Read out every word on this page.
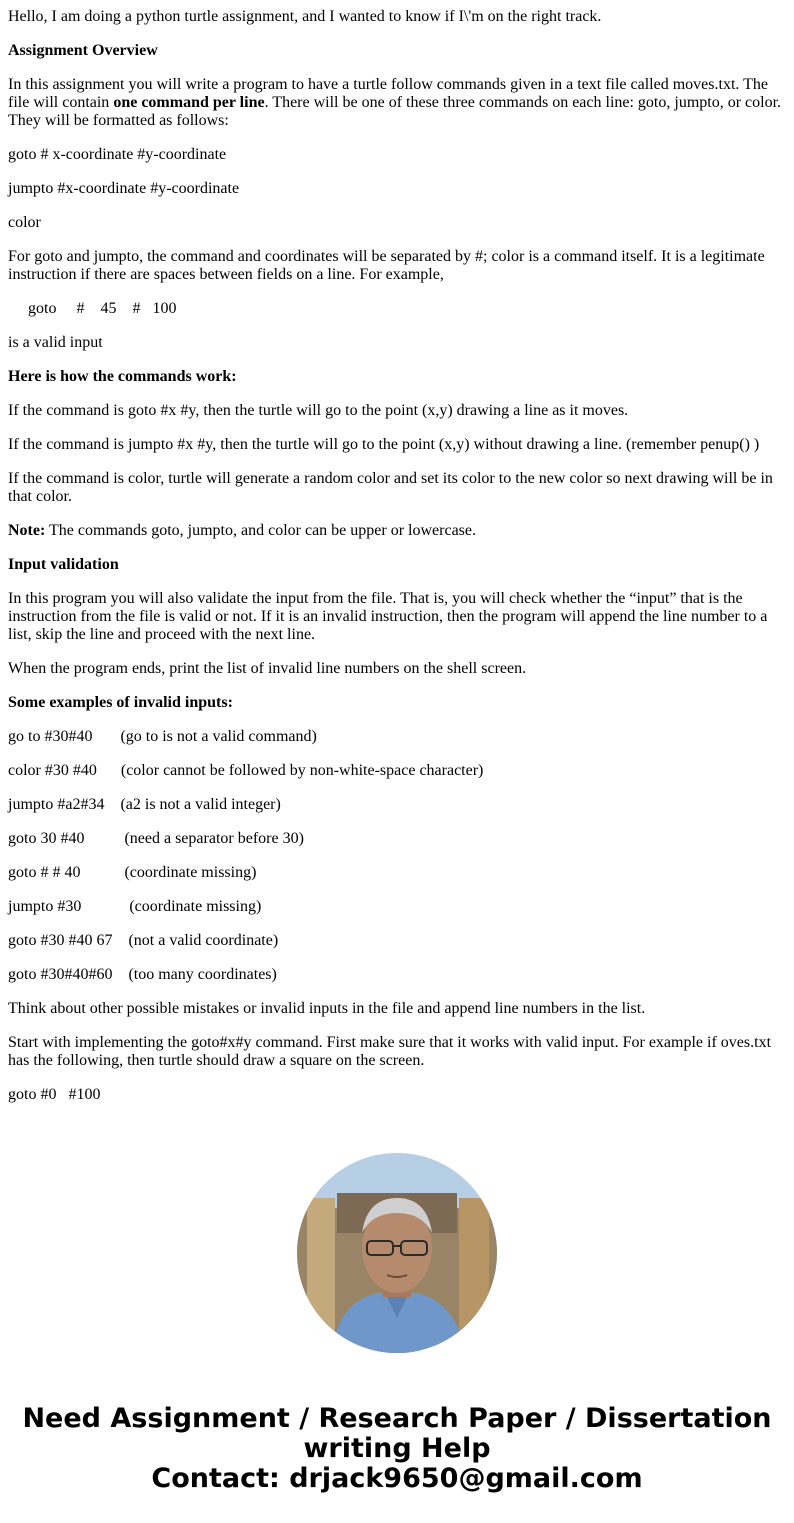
Hello, I am doing a python turtle assignment, and I wanted to know if I\'m on the right track.

Assignment Overview

In this assignment you will write a program to have a turtle follow commands given in a text file called moves.txt. The file will contain one command per line. There will be one of these three commands on each line: goto, jumpto, or color. They will be formatted as follows:

goto # x-coordinate #y-coordinate

jumpto #x-coordinate #y-coordinate

color

For goto and jumpto, the command and coordinates will be separated by #; color is a command itself. It is a legitimate instruction if there are spaces between fields on a line. For example,

goto     #    45    #   100

is a valid input

Here is how the commands work:

If the command is goto #x #y, then the turtle will go to the point (x,y) drawing a line as it moves.

If the command is jumpto #x #y, then the turtle will go to the point (x,y) without drawing a line. (remember penup() )

If the command is color, turtle will generate a random color and set its color to the new color so next drawing will be in that color.

Note: The commands goto, jumpto, and color can be upper or lowercase.

Input validation

In this program you will also validate the input from the file. That is, you will check whether the “input” that is the instruction from the file is valid or not. If it is an invalid instruction, then the program will append the line number to a list, skip the line and proceed with the next line.

When the program ends, print the list of invalid line numbers on the shell screen.

Some examples of invalid inputs:

go to #30#40       (go to is not a valid command)

color #30 #40      (color cannot be followed by non-white-space character)

jumpto #a2#34    (a2 is not a valid integer)

goto 30 #40          (need a separator before 30)

goto # # 40           (coordinate missing)

jumpto #30            (coordinate missing)

goto #30 #40 67    (not a valid coordinate)

goto #30#40#60    (too many coordinates)

Think about other possible mistakes or invalid inputs in the file and append line numbers in the list.

Start with implementing the goto#x#y command. First make sure that it works with valid input. For example if oves.txt has the following, then turtle should draw a square on the screen.

goto #0   #100

Need Assignment / Research Paper / Dissertation
writing Help
Contact: drjack9650@gmail.com
